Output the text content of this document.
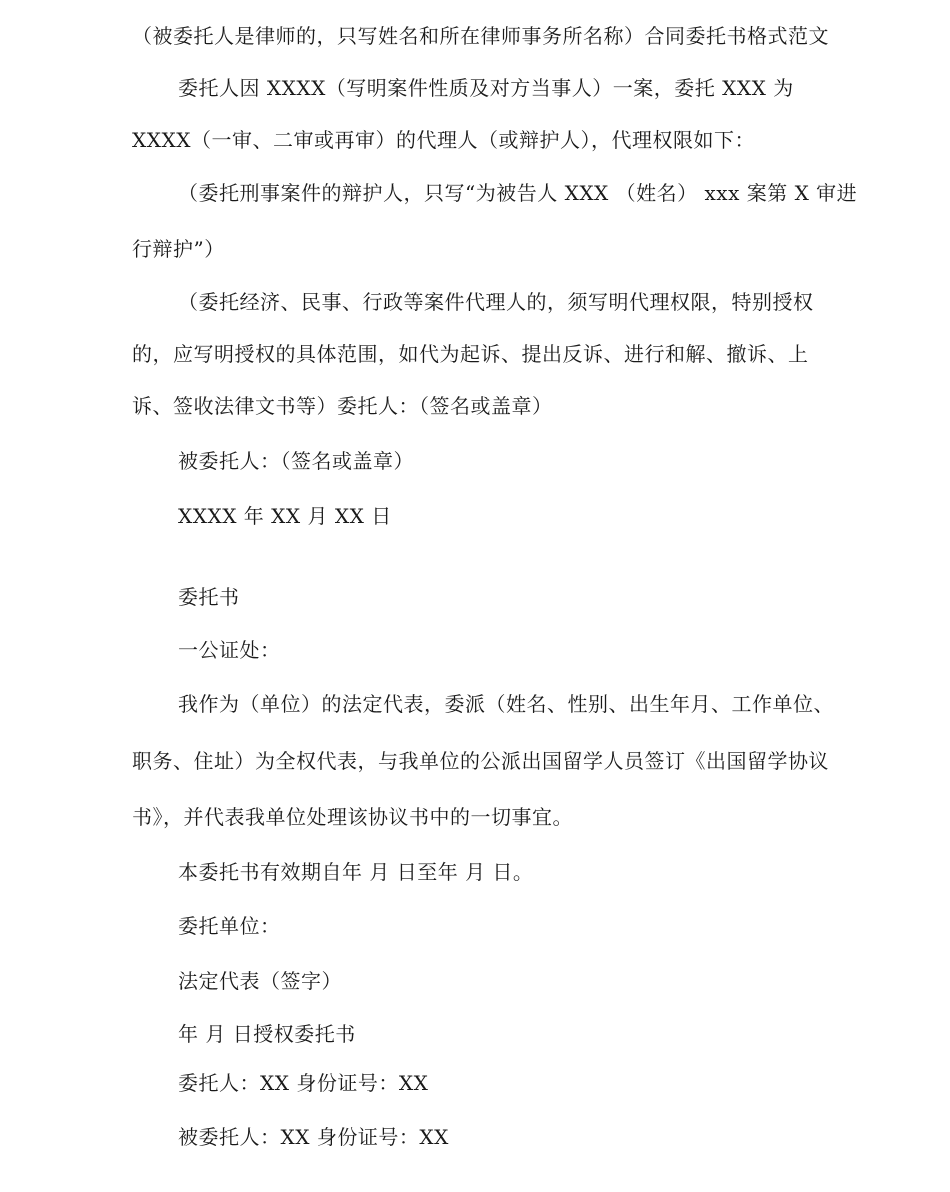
（被委托人是律师的，只写姓名和所在律师事务所名称）合同委托书格式范文
委托人因 XXXX（写明案件性质及对方当事人）一案，委托 XXX 为
XXXX（一审、二审或再审）的代理人（或辩护人），代理权限如下：
（委托刑事案件的辩护人，只写“为被告人 XXX （姓名） xxx 案第 X 审进
行辩护”）
（委托经济、民事、行政等案件代理人的，须写明代理权限，特别授权
的，应写明授权的具体范围，如代为起诉、提出反诉、进行和解、撤诉、上
诉、签收法律文书等）委托人：（签名或盖章）
被委托人：（签名或盖章）
XXXX 年 XX 月 XX 日
委托书
一公证处：
我作为（单位）的法定代表，委派（姓名、性别、出生年月、工作单位、
职务、住址）为全权代表，与我单位的公派出国留学人员签订《出国留学协议
书》，并代表我单位处理该协议书中的一切事宜。
本委托书有效期自年 月 日至年 月 日。
委托单位：
法定代表（签字）
年 月 日授权委托书
委托人：XX 身份证号：XX
被委托人：XX 身份证号：XX
